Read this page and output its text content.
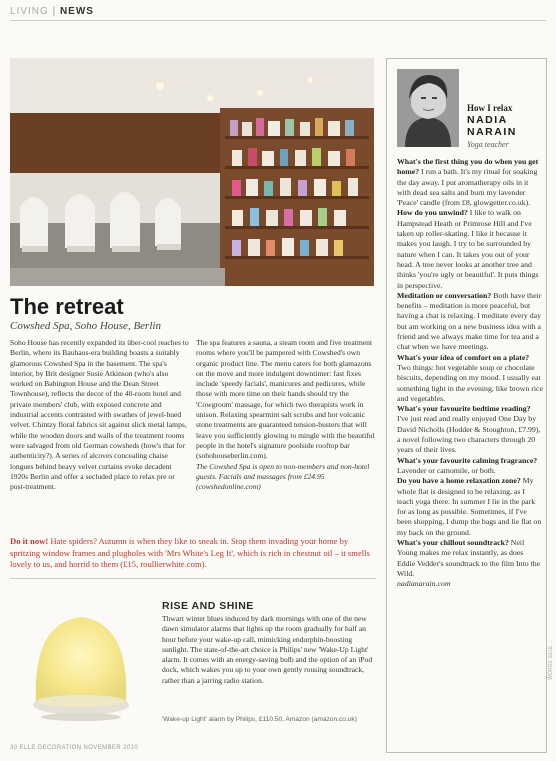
LIVING | NEWS
The retreat
Cowshed Spa, Soho House, Berlin
Soho House has recently expanded its über-cool reaches to Berlin, where its Bauhaus-era building boasts a suitably glamorous Cowshed Spa in the basement. The spa's interior, by Brit designer Susie Atkinson (who's also worked on Babington House and the Dean Street Townhouse), reflects the decor of the 40-room hotel and private members' club, with exposed concrete and industrial accents contrasted with swathes of jewel-hued velvet. Chintzy floral fabrics sit against slick metal lamps, while the wooden doors and walls of the treatment rooms were salvaged from old German cowsheds (how's that for authenticity?). A series of alcoves concealing chaise longues behind heavy velvet curtains evoke decadent 1920s Berlin and offer a secluded place to relax pre or post-treatment.
The spa features a sauna, a steam room and five treatment rooms where you'll be pampered with Cowshed's own organic product line. The menu caters for both glamazons on the move and more indulgent downtimer: fast fixes include 'speedy facials', manicures and pedicures, while those with more time on their hands should try the 'Cowgroom' massage, for which two therapists work in unison. Relaxing spearmint salt scrubs and hot volcanic stone treatments are guaranteed tension-busters that will leave you sufficiently glowing to mingle with the beautiful people in the hotel's signature poolside rooftop bar (sohohouseberlin.com).
The Cowshed Spa is open to non-members and non-hotel guests. Facials and massages from £24.95 (cowshedonline.com)
Do it now! Hate spiders? Autumn is when they like to sneak in. Stop them invading your home by spritzing window frames and plugholes with 'Mrs White's Leg It', which is rich in chestnut oil – it smells lovely to us, and horrid to them (£15, roullierwhite.com).
RISE AND SHINE
Thwart winter blues induced by dark mornings with one of the new dawn simulator alarms that lights up the room gradually for half an hour before your wake-up call, mimicking endorphin-boosting sunlight. The state-of-the-art choice is Philips' new 'Wake-Up Light' alarm. It comes with an energy-saving bulb and the option of an iPod dock, which wakes you up to your own gently rousing soundtrack, rather than a jarring radio station.
'Wake-up Light' alarm by Philips, £110.50, Amazon (amazon.co.uk)
30 ELLE DECORATION NOVEMBER 2010
How I relax
NADIA NARAIN
Yoga teacher

What's the first thing you do when you get home? I run a bath. It's my ritual for soaking the day away. I put aromatherapy oils in it with dead sea salts and burn my lavender 'Peace' candle (from £8, glowgetter.co.uk).

How do you unwind? I like to walk on Hampstead Heath or Primrose Hill and I've taken up roller-skating. I like it because it makes you laugh. I try to be surrounded by nature when I can. It takes you out of your head. A tree never looks at another tree and thinks 'you're ugly or beautiful'. It puts things in perspective.

Meditation or conversation? Both have their benefits – meditation is more peaceful, but having a chat is relaxing. I meditate every day but am working on a new business idea with a friend and we always make time for tea and a chat when we have meetings.

What's your idea of comfort on a plate? Two things: hot vegetable soup or chocolate biscuits, depending on my mood. I usually eat something light in the evening, like brown rice and vegetables.

What's your favourite bedtime reading? I've just read and really enjoyed One Day by David Nicholls (Hodder & Stoughton, £7.99), a novel following two characters through 20 years of their lives.

What's your favourite calming fragrance? Lavender or camomile, or both.

Do you have a home relaxation zone? My whole flat is designed to be relaxing, as I teach yoga there. In summer I lie in the park for as long as possible. Sometimes, if I've been shopping, I dump the bags and lie flat on my back on the ground.

What's your chillout soundtrack? Neil Young makes me relax instantly, as does Eddie Vedder's soundtrack to the film Into the Wild.

nadianarain.com

WORDS: ELLE ...
